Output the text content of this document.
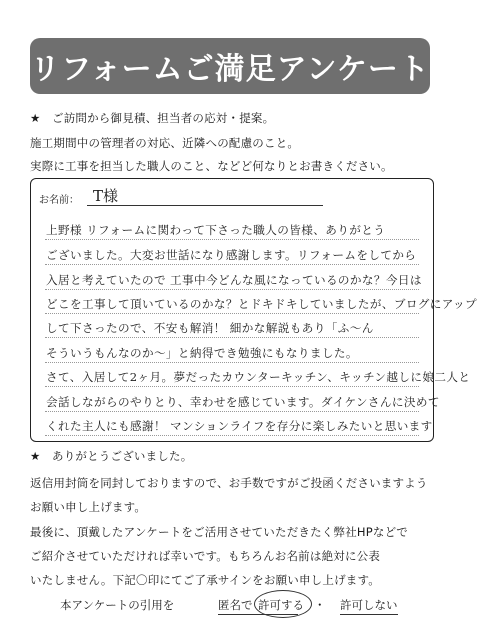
リフォームご満足アンケート
★ ご訪問から御見積、担当者の応対・提案。
施工期間中の管理者の対応、近隣への配慮のこと。
実際に工事を担当した職人のこと、などど何なりとお書きください。
お名前： T様
上野様 リフォームに関わって下さった職人の皆様、ありがとう
ございました。大変お世話になり感謝します。リフォームをしてから
入居と考えていたので 工事中今どんな風になっているのかな？今日は
どこを工事して頂いているのかな？とドキドキしていましたが、ブログにアップ
して下さったので、不安も解消！ 細かな解説もあり「ふ〜ん
そういうもんなのか〜」と納得でき勉強にもなりました。
さて、入居して2ヶ月。夢だったカウンターキッチン、キッチン越しに娘二人と
会話しながらのやりとり、幸わせを感じています。ダイケンさんに決めて
くれた主人にも感謝！ マンションライフを存分に楽しみたいと思います
★ ありがとうございました。
返信用封筒を同封しておりますので、お手数ですがご投函くださいますよう
お願い申し上げます。
最後に、頂戴したアンケートをご活用させていただきたく弊社HPなどで
ご紹介させていただければ幸いです。もちろんお名前は絶対に公表
いたしません。下記〇印にてご了承サインをお願い申し上げます。
本アンケートの引用を	匿名で 許可する ・ 許可しない
